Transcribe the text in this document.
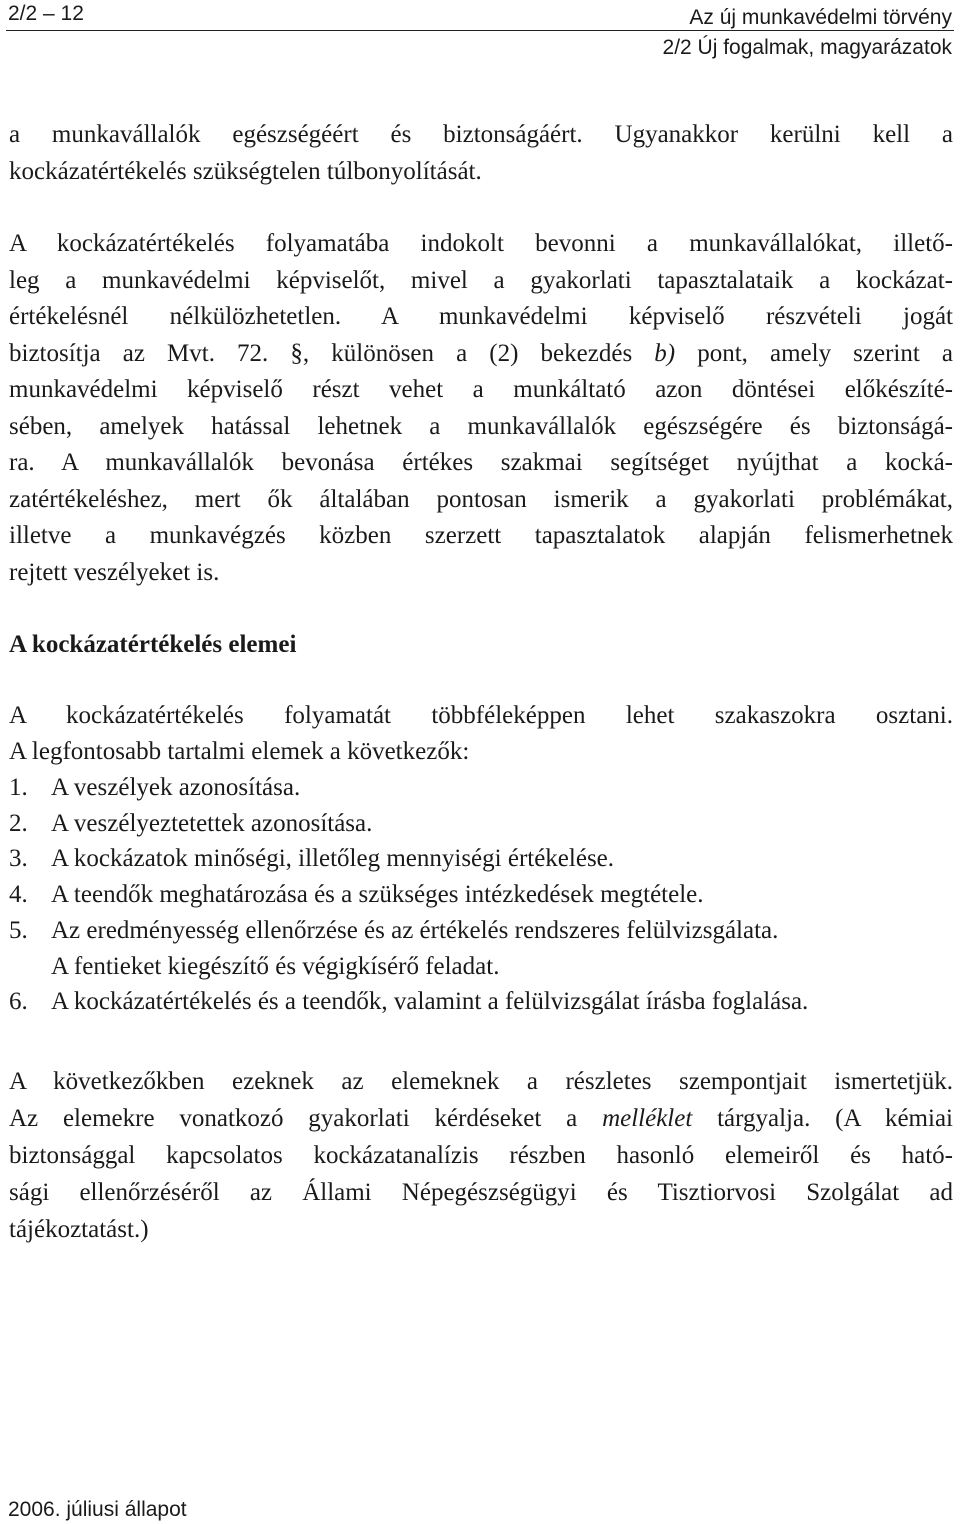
2/2 – 12	Az új munkavédelmi törvény
2/2 Új fogalmak, magyarázatok
a munkavállalók egészségéért és biztonságáért. Ugyanakkor kerülni kell a
kockázatértékelés szükségtelen túlbonyolítását.
A kockázatértékelés folyamatába indokolt bevonni a munkavállalókat, illető-
leg a munkavédelmi képviselőt, mivel a gyakorlati tapasztalataik a kockázat-
értékelésnél nélkülözhetetlen. A munkavédelmi képviselő részvételi jogát
biztosítja az Mvt. 72. §, különösen a (2) bekezdés b) pont, amely szerint a
munkavédelmi képviselő részt vehet a munkáltató azon döntései előkészíté-
sében, amelyek hatással lehetnek a munkavállalók egészségére és biztonságá-
ra. A munkavállalók bevonása értékes szakmai segítséget nyújthat a kocká-
zatértékeléshez, mert ők általában pontosan ismerik a gyakorlati problémákat,
illetve a munkavégzés közben szerzett tapasztalatok alapján felismerhetnek
rejtett veszélyeket is.
A kockázatértékelés elemei
A kockázatértékelés folyamatát többféleképpen lehet szakaszokra osztani.
A legfontosabb tartalmi elemek a következők:
1. A veszélyek azonosítása.
2. A veszélyeztetettek azonosítása.
3. A kockázatok minőségi, illetőleg mennyiségi értékelése.
4. A teendők meghatározása és a szükséges intézkedések megtétele.
5. Az eredményesség ellenőrzése és az értékelés rendszeres felülvizsgálata.
A fentieket kiegészítő és végigkísérő feladat.
6. A kockázatértékelés és a teendők, valamint a felülvizsgálat írásba foglalása.
A következőkben ezeknek az elemeknek a részletes szempontjait ismertetjük.
Az elemekre vonatkozó gyakorlati kérdéseket a melléklet tárgyalja. (A kémiai
biztonsággal kapcsolatos kockázatanalízis részben hasonló elemeiről és ható-
sági ellenőrzéséről az Állami Népegészségügyi és Tisztiorvosi Szolgálat ad
tájékoztatást.)
2006. júliusi állapot
